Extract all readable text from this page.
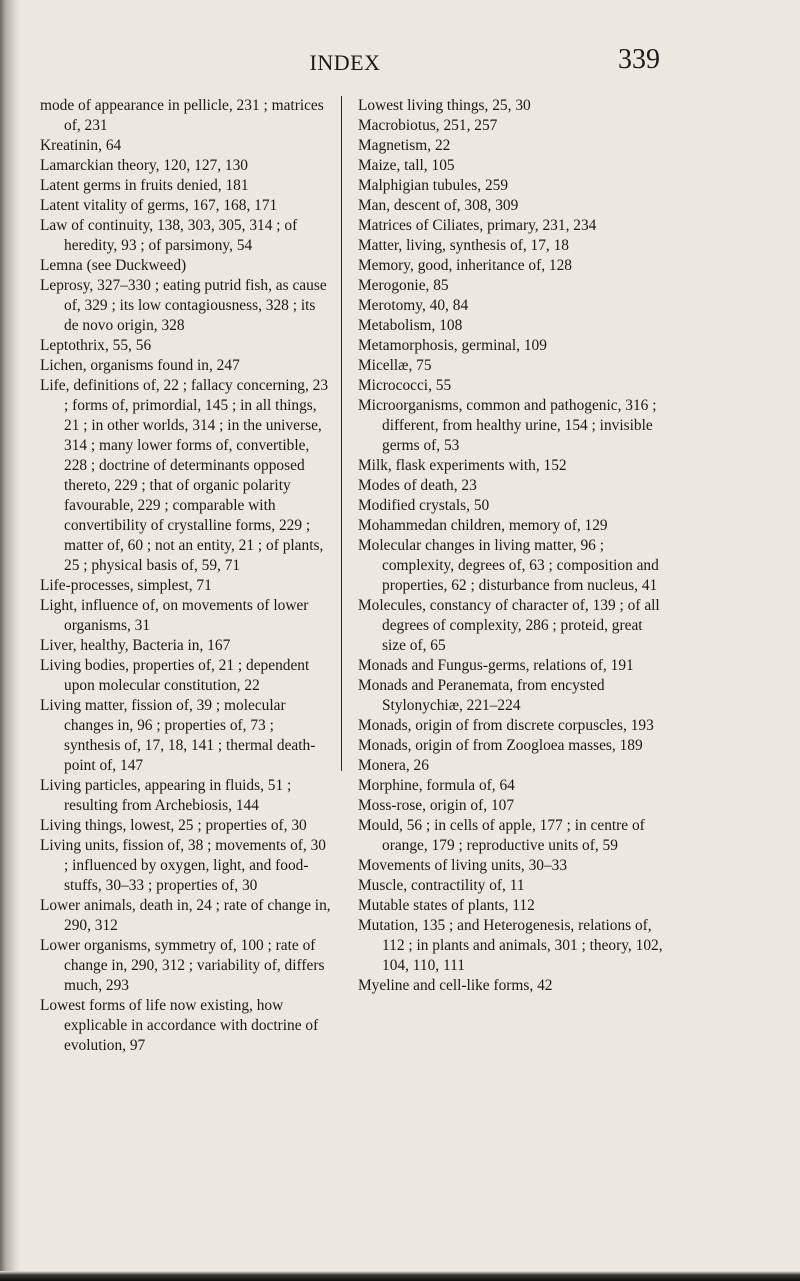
INDEX	339

mode of appearance in pellicle, 231 ; matrices of, 231

Kreatinin, 64

Lamarckian theory, 120, 127, 130

Latent germs in fruits denied, 181

Latent vitality of germs, 167, 168, 171

Law of continuity, 138, 303, 305, 314 ; of heredity, 93 ; of parsimony, 54

Lemna (see Duckweed)

Leprosy, 327–330 ; eating putrid fish, as cause of, 329 ; its low contagiousness, 328 ; its de novo origin, 328

Leptothrix, 55, 56

Lichen, organisms found in, 247

Life, definitions of, 22 ; fallacy concerning, 23 ; forms of, primordial, 145 ; in all things, 21 ; in other worlds, 314 ; in the universe, 314 ; many lower forms of, convertible, 228 ; doctrine of determinants opposed thereto, 229 ; that of organic polarity favourable, 229 ; comparable with convertibility of crystalline forms, 229 ; matter of, 60 ; not an entity, 21 ; of plants, 25 ; physical basis of, 59, 71

Life-processes, simplest, 71

Light, influence of, on movements of lower organisms, 31

Liver, healthy, Bacteria in, 167

Living bodies, properties of, 21 ; dependent upon molecular constitution, 22

Living matter, fission of, 39 ; molecular changes in, 96 ; properties of, 73 ; synthesis of, 17, 18, 141 ; thermal death-point of, 147

Living particles, appearing in fluids, 51 ; resulting from Archebiosis, 144

Living things, lowest, 25 ; properties of, 30

Living units, fission of, 38 ; movements of, 30 ; influenced by oxygen, light, and food-stuffs, 30–33 ; properties of, 30

Lower animals, death in, 24 ; rate of change in, 290, 312

Lower organisms, symmetry of, 100 ; rate of change in, 290, 312 ; variability of, differs much, 293

Lowest forms of life now existing, how explicable in accordance with doctrine of evolution, 97

Lowest living things, 25, 30

Macrobiotus, 251, 257

Magnetism, 22

Maize, tall, 105

Malphigian tubules, 259

Man, descent of, 308, 309

Matrices of Ciliates, primary, 231, 234

Matter, living, synthesis of, 17, 18

Memory, good, inheritance of, 128

Merogonie, 85

Merotomy, 40, 84

Metabolism, 108

Metamorphosis, germinal, 109

Micellæ, 75

Micrococci, 55

Microorganisms, common and pathogenic, 316 ; different, from healthy urine, 154 ; invisible germs of, 53

Milk, flask experiments with, 152

Modes of death, 23

Modified crystals, 50

Mohammedan children, memory of, 129

Molecular changes in living matter, 96 ; complexity, degrees of, 63 ; composition and properties, 62 ; disturbance from nucleus, 41

Molecules, constancy of character of, 139 ; of all degrees of complexity, 286 ; proteid, great size of, 65

Monads and Fungus-germs, relations of, 191

Monads and Peranemata, from encysted Stylonychiæ, 221–224

Monads, origin of from discrete corpuscles, 193

Monads, origin of from Zoogloea masses, 189

Monera, 26

Morphine, formula of, 64

Moss-rose, origin of, 107

Mould, 56 ; in cells of apple, 177 ; in centre of orange, 179 ; reproductive units of, 59

Movements of living units, 30–33

Muscle, contractility of, 11

Mutable states of plants, 112

Mutation, 135 ; and Heterogenesis, relations of, 112 ; in plants and animals, 301 ; theory, 102, 104, 110, 111

Myeline and cell-like forms, 42
